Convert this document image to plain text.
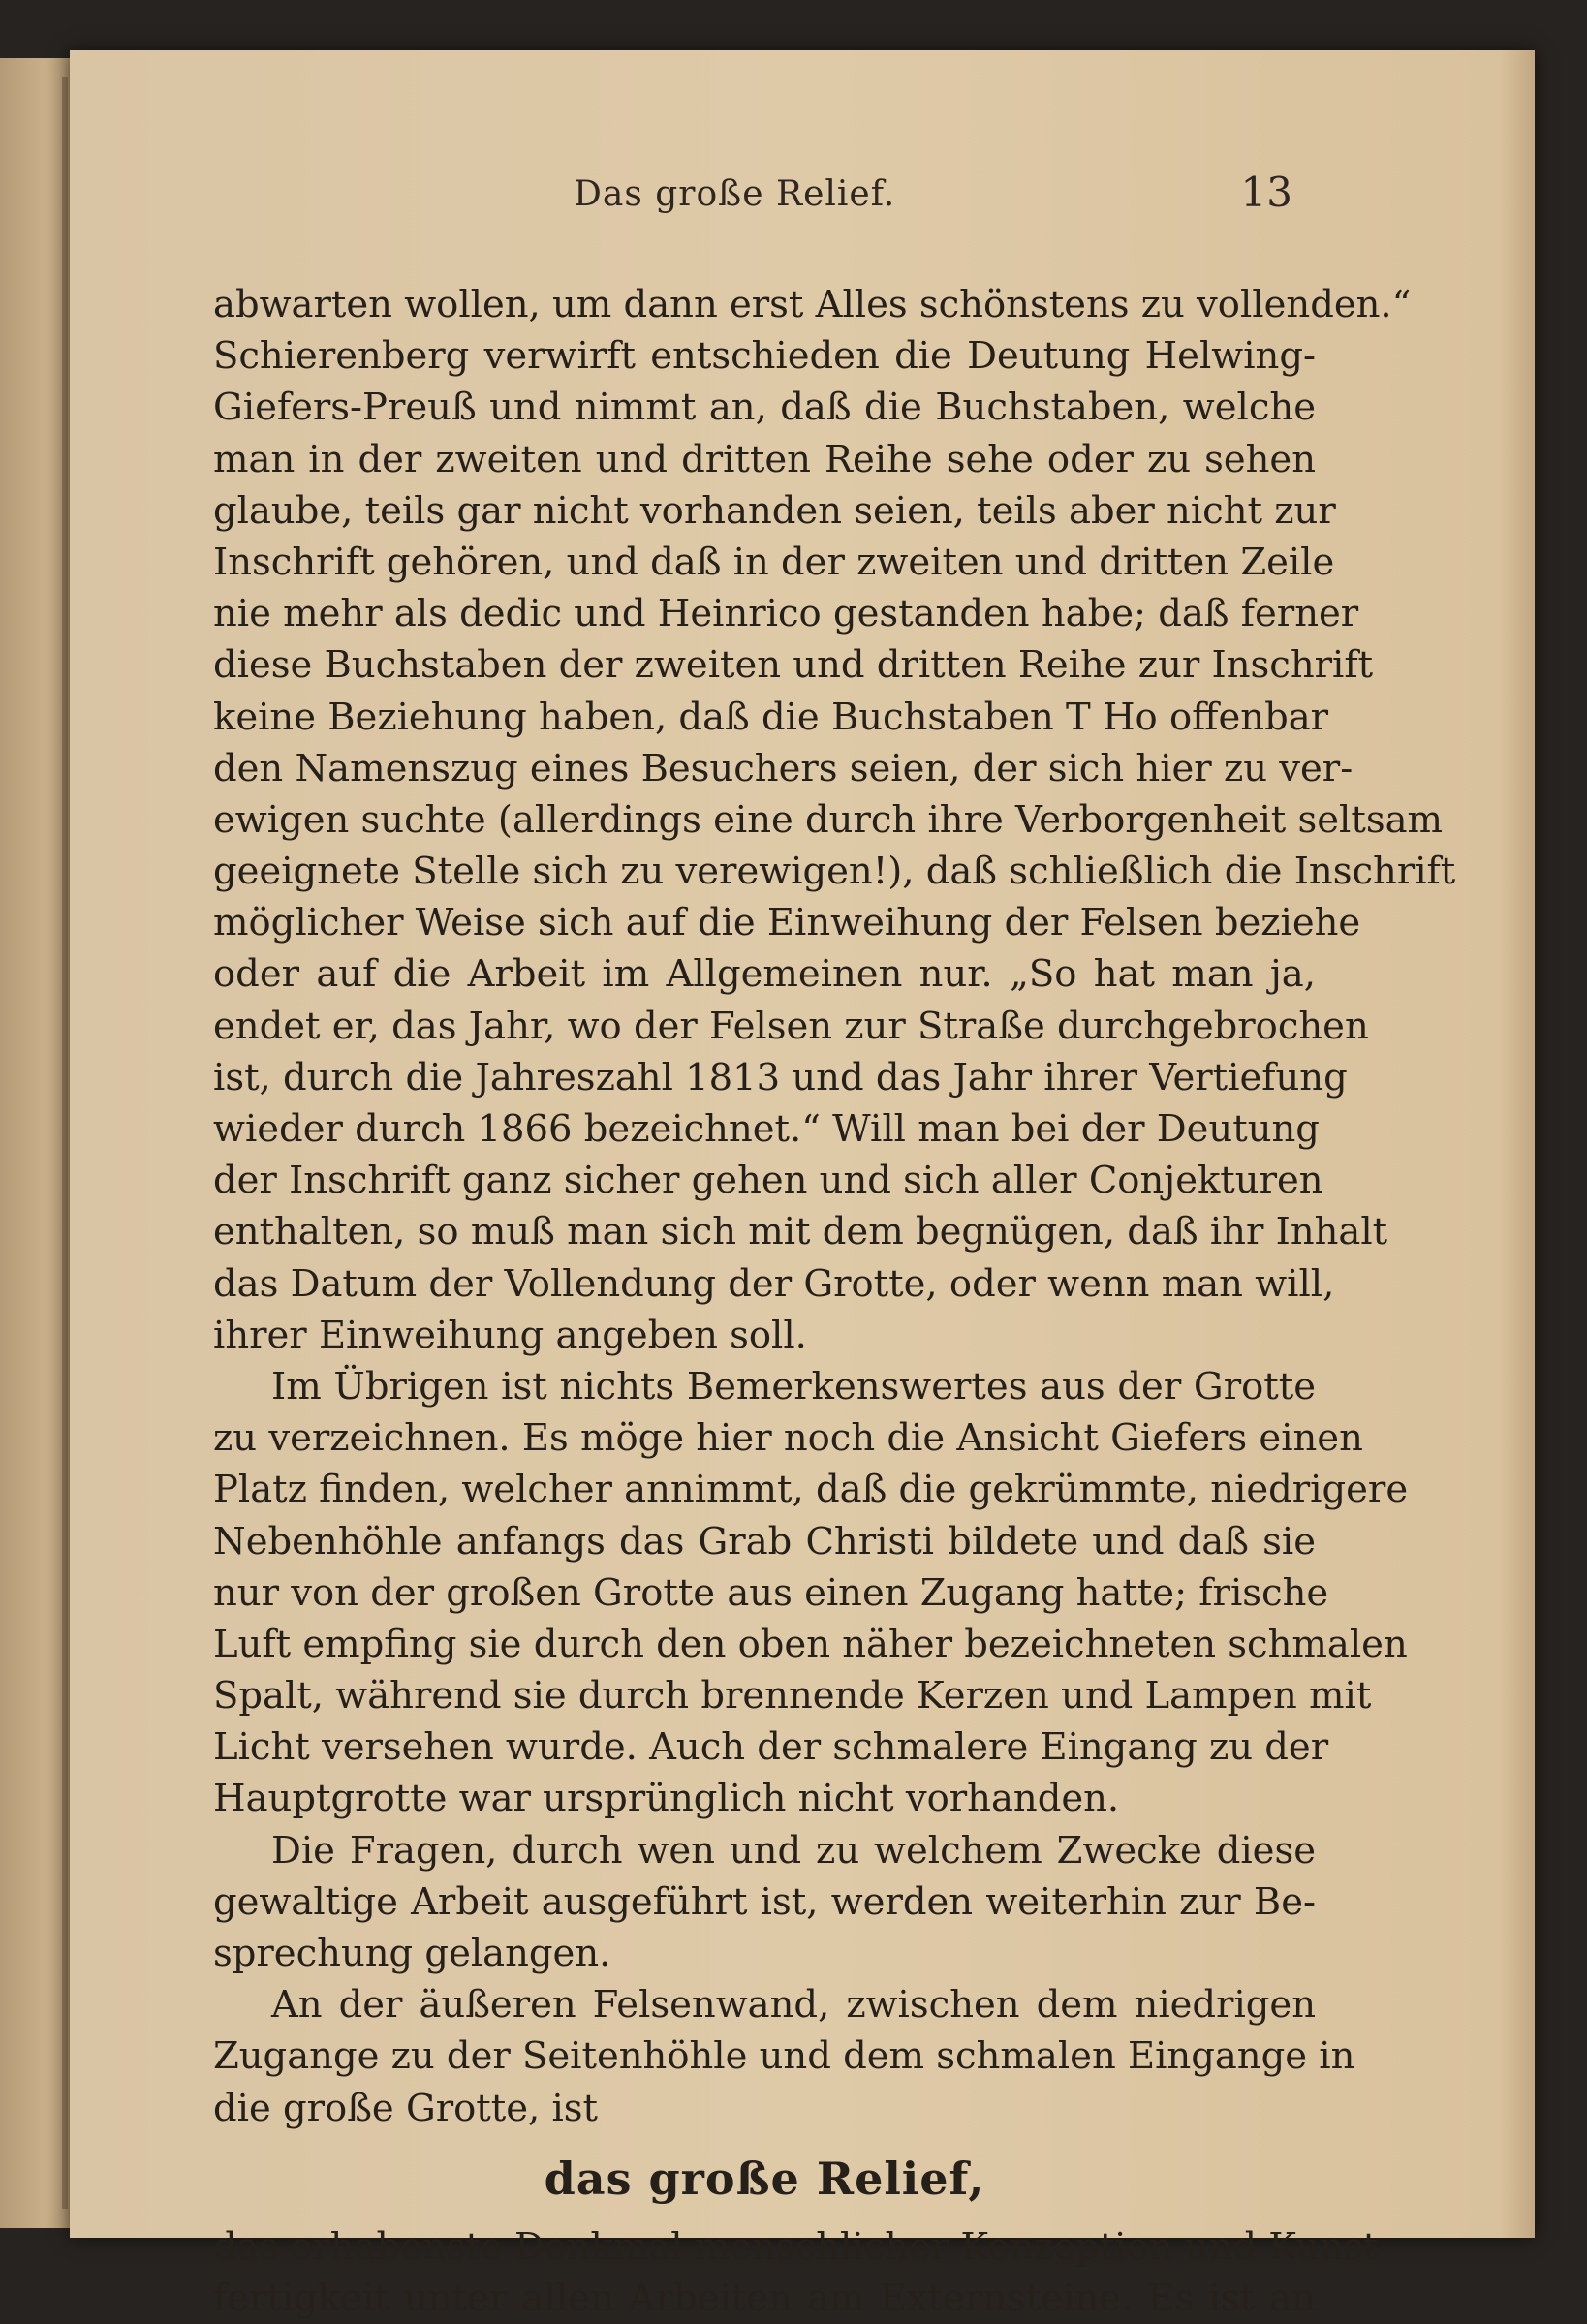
Das große Relief.	13
abwarten wollen, um dann erst Alles schönstens zu vollenden.“
Schierenberg verwirft entschieden die Deutung Helwing-
Giefers-Preuß und nimmt an, daß die Buchstaben, welche
man in der zweiten und dritten Reihe sehe oder zu sehen
glaube, teils gar nicht vorhanden seien, teils aber nicht zur
Inschrift gehören, und daß in der zweiten und dritten Zeile
nie mehr als dedic und Heinrico gestanden habe; daß ferner
diese Buchstaben der zweiten und dritten Reihe zur Inschrift
keine Beziehung haben, daß die Buchstaben T Ho offenbar
den Namenszug eines Besuchers seien, der sich hier zu ver-
ewigen suchte (allerdings eine durch ihre Verborgenheit seltsam
geeignete Stelle sich zu verewigen!), daß schließlich die Inschrift
möglicher Weise sich auf die Einweihung der Felsen beziehe
oder auf die Arbeit im Allgemeinen nur. „So hat man ja,
endet er, das Jahr, wo der Felsen zur Straße durchgebrochen
ist, durch die Jahreszahl 1813 und das Jahr ihrer Vertiefung
wieder durch 1866 bezeichnet.“ Will man bei der Deutung
der Inschrift ganz sicher gehen und sich aller Conjekturen
enthalten, so muß man sich mit dem begnügen, daß ihr Inhalt
das Datum der Vollendung der Grotte, oder wenn man will,
ihrer Einweihung angeben soll.
Im Übrigen ist nichts Bemerkenswertes aus der Grotte
zu verzeichnen. Es möge hier noch die Ansicht Giefers einen
Platz finden, welcher annimmt, daß die gekrümmte, niedrigere
Nebenhöhle anfangs das Grab Christi bildete und daß sie
nur von der großen Grotte aus einen Zugang hatte; frische
Luft empfing sie durch den oben näher bezeichneten schmalen
Spalt, während sie durch brennende Kerzen und Lampen mit
Licht versehen wurde. Auch der schmalere Eingang zu der
Hauptgrotte war ursprünglich nicht vorhanden.
Die Fragen, durch wen und zu welchem Zwecke diese
gewaltige Arbeit ausgeführt ist, werden weiterhin zur Be-
sprechung gelangen.
An der äußeren Felsenwand, zwischen dem niedrigen
Zugange zu der Seitenhöhle und dem schmalen Eingange in
die große Grotte, ist
das große Relief,
das erhabenste Denkmal menschlicher Konzeption und Kunst-
fertigkeit unter allen Arbeiten am Externsteine. Es ist an
